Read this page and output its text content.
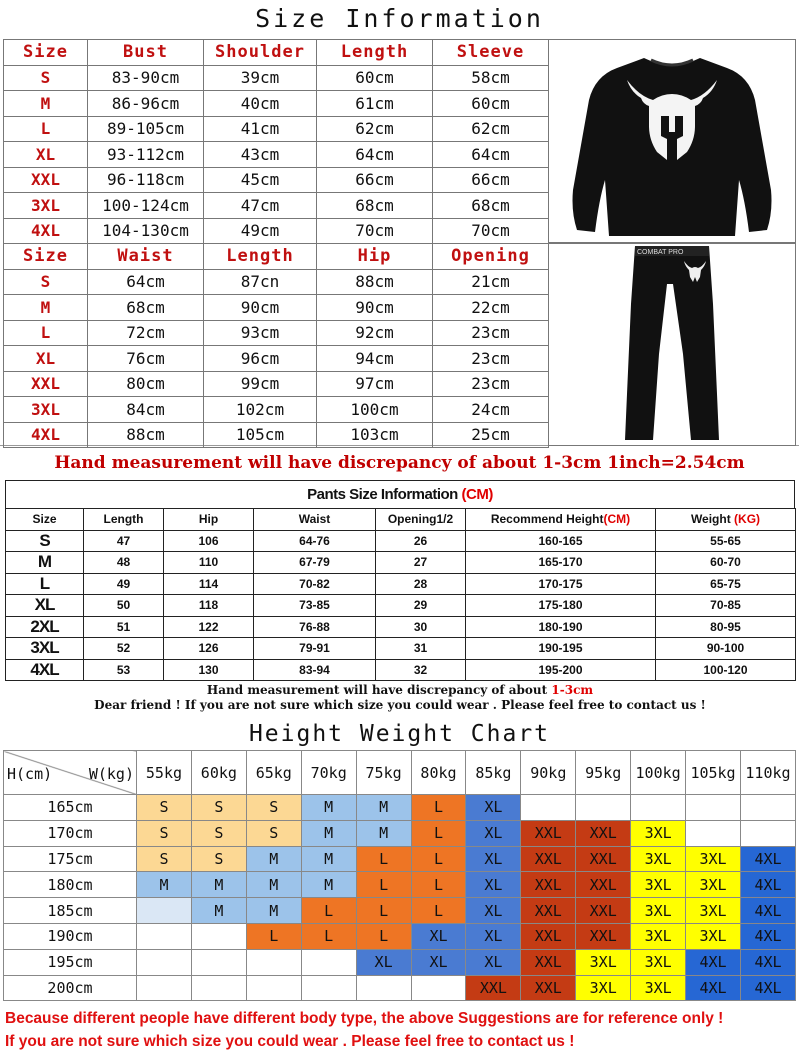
Size Information
Size	Bust	Shoulder	Length	Sleeve
S	83-90cm	39cm	60cm	58cm
M	86-96cm	40cm	61cm	60cm
L	89-105cm	41cm	62cm	62cm
XL	93-112cm	43cm	64cm	64cm
XXL	96-118cm	45cm	66cm	66cm
3XL	100-124cm	47cm	68cm	68cm
4XL	104-130cm	49cm	70cm	70cm
Size	Waist	Length	Hip	Opening
S	64cm	87cn	88cm	21cm
M	68cm	90cm	90cm	22cm
L	72cm	93cm	92cm	23cm
XL	76cm	96cm	94cm	23cm
XXL	80cm	99cm	97cm	23cm
3XL	84cm	102cm	100cm	24cm
4XL	88cm	105cm	103cm	25cm
COMBAT PRO
Hand measurement will have discrepancy of about 1-3cm 1inch=2.54cm
Pants Size Information (CM)
Size	Length	Hip	Waist	Opening1/2	Recommend Height(CM)	Weight (KG)
S	47	106	64-76	26	160-165	55-65
M	48	110	67-79	27	165-170	60-70
L	49	114	70-82	28	170-175	65-75
XL	50	118	73-85	29	175-180	70-85
2XL	51	122	76-88	30	180-190	80-95
3XL	52	126	79-91	31	190-195	90-100
4XL	53	130	83-94	32	195-200	100-120
Hand measurement will have discrepancy of about 1-3cm
Dear friend ! If you are not sure which size you could wear . Please feel free to contact us !
Height Weight Chart
H(cm) W(kg)	55kg	60kg	65kg	70kg	75kg	80kg	85kg	90kg	95kg	100kg	105kg	110kg
165cm	S	S	S	M	M	L	XL					
170cm	S	S	S	M	M	L	XL	XXL	XXL	3XL		
175cm	S	S	M	M	L	L	XL	XXL	XXL	3XL	3XL	4XL
180cm	M	M	M	M	L	L	XL	XXL	XXL	3XL	3XL	4XL
185cm		M	M	L	L	L	XL	XXL	XXL	3XL	3XL	4XL
190cm			L	L	L	XL	XL	XXL	XXL	3XL	3XL	4XL
195cm					XL	XL	XL	XXL	3XL	3XL	4XL	4XL
200cm							XXL	XXL	3XL	3XL	4XL	4XL
Because different people have different body type, the above Suggestions are for reference only !
If you are not sure which size you could wear . Please feel free to contact us !
